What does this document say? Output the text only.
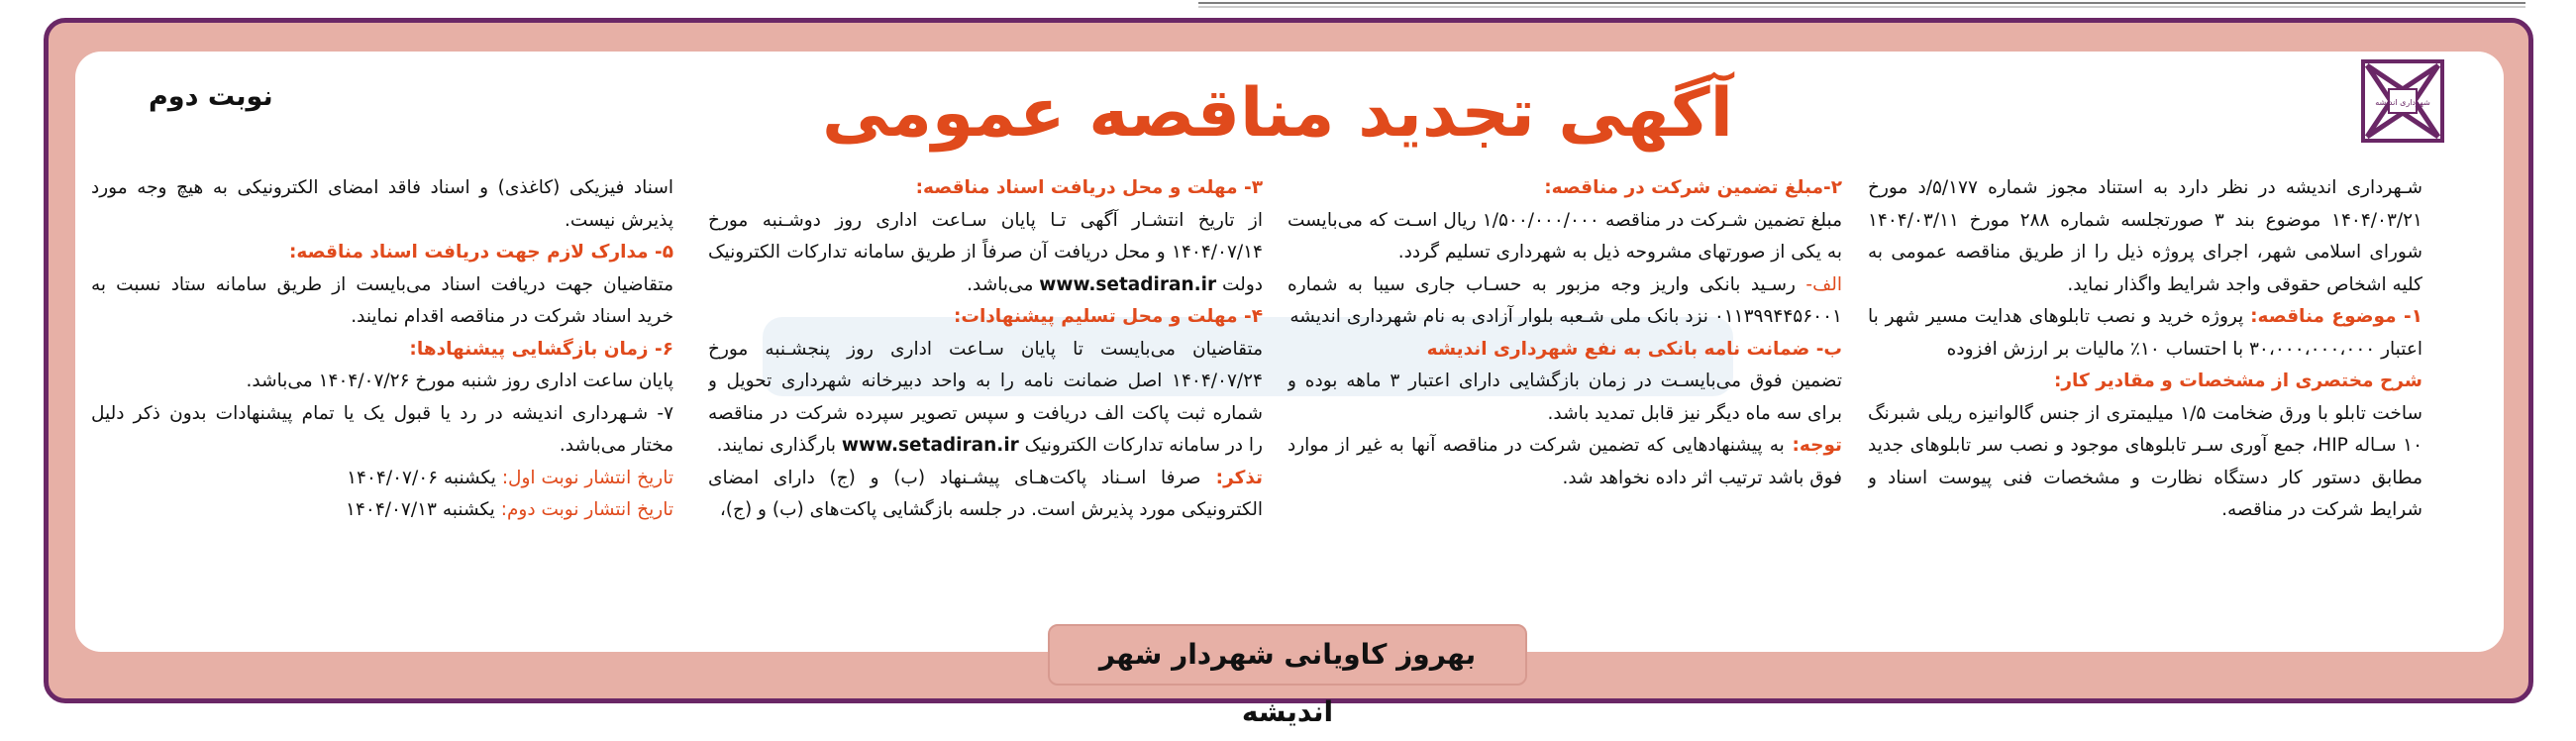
شهرداری اندیشه
آگهی تجدید مناقصه عمومی
نوبت دوم

شـهرداری اندیشه در نظر دارد به استناد مجوز شماره ۵/۱۷۷/د مورخ ۱۴۰۴/۰۳/۲۱ موضوع بند ۳ صورتجلسه شماره ۲۸۸ مورخ ۱۴۰۴/۰۳/۱۱ شورای اسلامی شهر، اجرای پروژه ذیل را از طریق مناقصه عمومی به کلیه اشخاص حقوقی واجد شرایط واگذار نماید.

۱- موضوع مناقصه: پروژه خرید و نصب تابلوهای هدایت مسیر شهر با اعتبار ۳۰،۰۰۰،۰۰۰،۰۰۰ با احتساب ۱۰٪ مالیات بر ارزش افزوده

شرح مختصری از مشخصات و مقادیر کار:

ساخت تابلو با ورق ضخامت ۱/۵ میلیمتری از جنس گالوانیزه ریلی شبرنگ ۱۰ سـاله HIP، جمع آوری سـر تابلوهای موجود و نصب سر تابلوهای جدید مطابق دستور کار دستگاه نظارت و مشخصات فنی پیوست اسناد و شرایط شرکت در مناقصه.

۲-مبلغ تضمین شرکت در مناقصه:

مبلغ تضمین شـرکت در مناقصه ۱/۵۰۰/۰۰۰/۰۰۰ ریال اسـت که می‌بایست به یکی از صورتهای مشروحه ذیل به شهرداری تسلیم گردد.

الف- رسـید بانکی واریز وجه مزبور به حسـاب جاری سیبا به شماره ۰۱۱۳۹۹۴۴۵۶۰۰۱ نزد بانک ملی شـعبه بلوار آزادی به نام شهرداری اندیشه

ب- ضمانت نامه بانکی به نفع شهرداری اندیشه

تضمین فوق می‌بایسـت در زمان بازگشایی دارای اعتبار ۳ ماهه بوده و برای سه ماه دیگر نیز قابل تمدید باشد.

توجه: به پیشنهادهایی که تضمین شرکت در مناقصه آنها به غیر از موارد فوق باشد ترتیب اثر داده نخواهد شد.

۳- مهلت و محل دریافت اسناد مناقصه:

از تاریخ انتشـار آگهی تـا پایان سـاعت اداری روز دوشـنبه مورخ ۱۴۰۴/۰۷/۱۴ و محل دریافت آن صرفاً از طریق سامانه تدارکات الکترونیک دولت www.setadiran.ir می‌باشد.

۴- مهلت و محل تسلیم پیشنهادات:

متقاضیان می‌بایست تا پایان سـاعت اداری روز پنجشـنبه مورخ ۱۴۰۴/۰۷/۲۴ اصل ضمانت نامه را به واحد دبیرخانه شهرداری تحویل و شماره ثبت پاکت الف دریافت و سپس تصویر سپرده شرکت در مناقصه را در سامانه تدارکات الکترونیک www.setadiran.ir بارگذاری نمایند.

تذکر: صرفا اسـناد پاکت‌هـای پیشـنهاد (ب) و (ج) دارای امضای الکترونیکی مورد پذیرش است. در جلسه بازگشایی پاکت‌های (ب) و (ج)،

اسناد فیزیکی (کاغذی) و اسناد فاقد امضای الکترونیکی به هیچ وجه مورد پذیرش نیست.

۵- مدارک لازم جهت دریافت اسناد مناقصه:

متقاضیان جهت دریافت اسناد می‌بایست از طریق سامانه ستاد نسبت به خرید اسناد شرکت در مناقصه اقدام نمایند.

۶- زمان بازگشایی پیشنهادها:

پایان ساعت اداری روز شنبه مورخ ۱۴۰۴/۰۷/۲۶ می‌باشد.

۷- شـهرداری اندیشه در رد یا قبول یک یا تمام پیشنهادات بدون ذکر دلیل مختار می‌باشد.

تاریخ انتشار نوبت اول: یکشنبه ۱۴۰۴/۰۷/۰۶

تاریخ انتشار نوبت دوم: یکشنبه ۱۴۰۴/۰۷/۱۳

بهروز کاویانی شهردار شهر اندیشه
